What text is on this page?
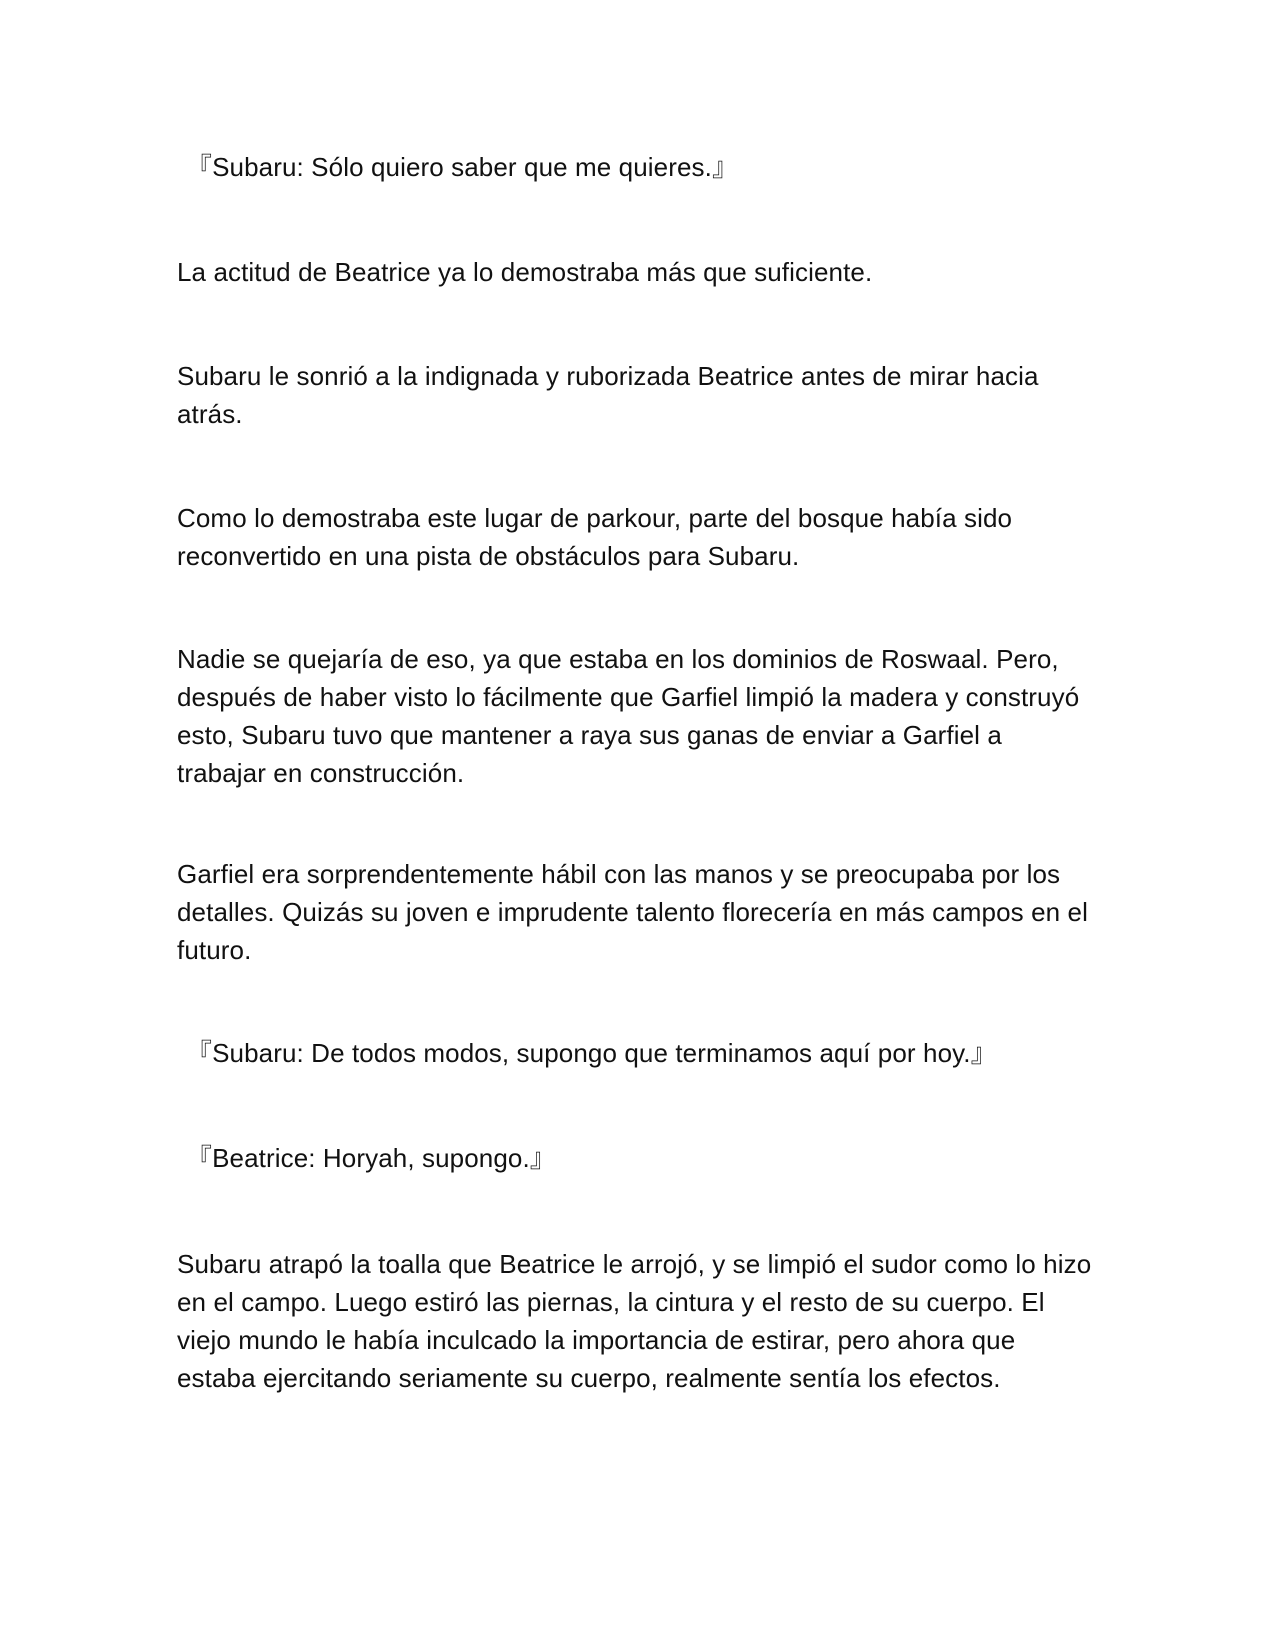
『Subaru: Sólo quiero saber que me quieres.』

La actitud de Beatrice ya lo demostraba más que suficiente.

Subaru le sonrió a la indignada y ruborizada Beatrice antes de mirar hacia atrás.

Como lo demostraba este lugar de parkour, parte del bosque había sido reconvertido en una pista de obstáculos para Subaru.

Nadie se quejaría de eso, ya que estaba en los dominios de Roswaal. Pero, después de haber visto lo fácilmente que Garfiel limpió la madera y construyó esto, Subaru tuvo que mantener a raya sus ganas de enviar a Garfiel a trabajar en construcción.

Garfiel era sorprendentemente hábil con las manos y se preocupaba por los detalles. Quizás su joven e imprudente talento florecería en más campos en el futuro.

『Subaru: De todos modos, supongo que terminamos aquí por hoy.』

『Beatrice: Horyah, supongo.』

Subaru atrapó la toalla que Beatrice le arrojó, y se limpió el sudor como lo hizo en el campo. Luego estiró las piernas, la cintura y el resto de su cuerpo. El viejo mundo le había inculcado la importancia de estirar, pero ahora que estaba ejercitando seriamente su cuerpo, realmente sentía los efectos.
